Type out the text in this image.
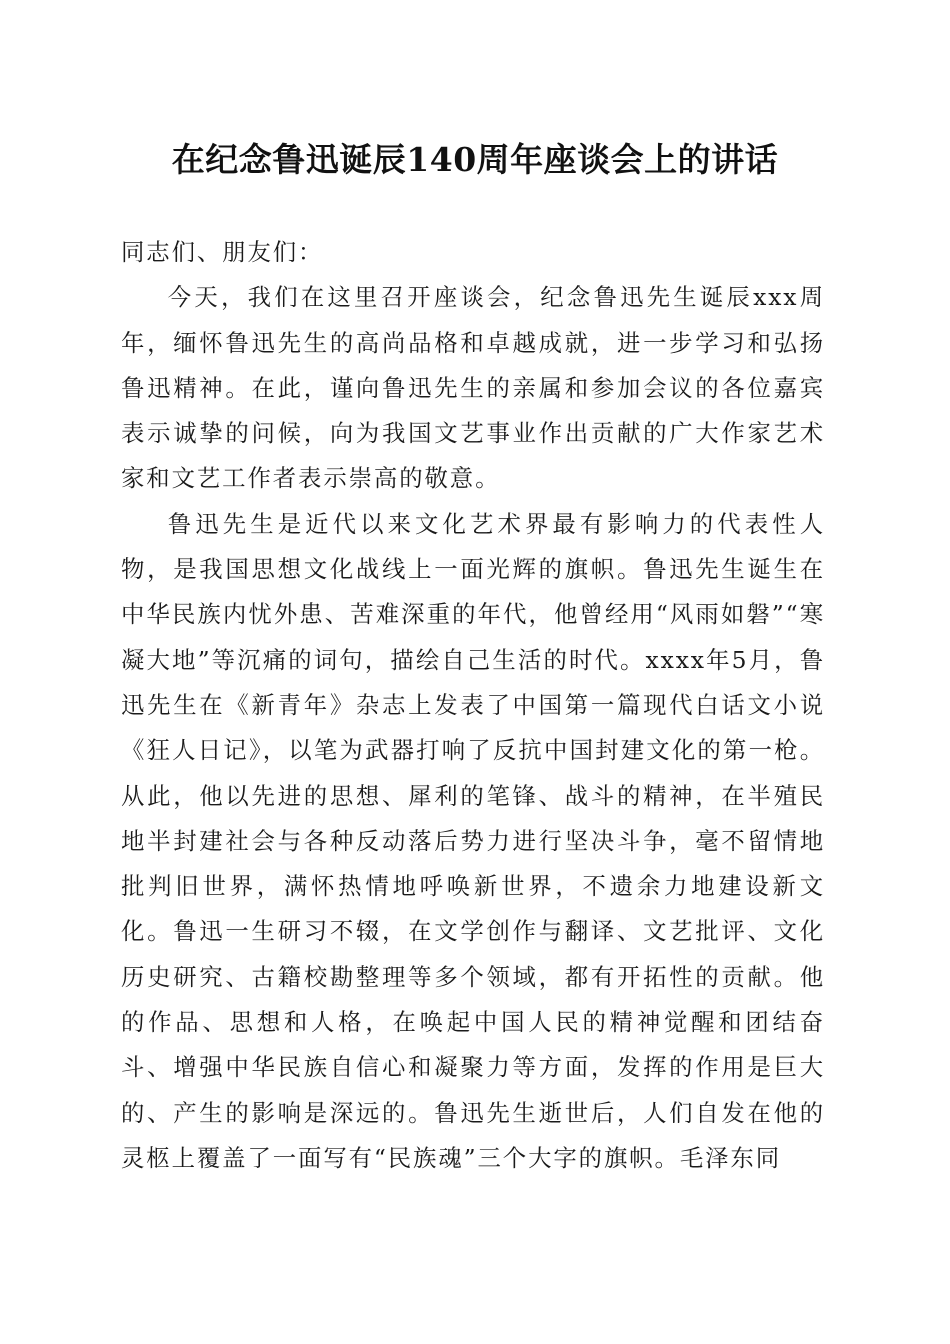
在纪念鲁迅诞辰140周年座谈会上的讲话

同志们、朋友们：

今天，我们在这里召开座谈会，纪念鲁迅先生诞辰xxx周年，缅怀鲁迅先生的高尚品格和卓越成就，进一步学习和弘扬鲁迅精神。在此，谨向鲁迅先生的亲属和参加会议的各位嘉宾表示诚挚的问候，向为我国文艺事业作出贡献的广大作家艺术家和文艺工作者表示崇高的敬意。

鲁迅先生是近代以来文化艺术界最有影响力的代表性人物，是我国思想文化战线上一面光辉的旗帜。鲁迅先生诞生在中华民族内忧外患、苦难深重的年代，他曾经用“风雨如磐”“寒凝大地”等沉痛的词句，描绘自己生活的时代。xxxx年5月，鲁迅先生在《新青年》杂志上发表了中国第一篇现代白话文小说《狂人日记》，以笔为武器打响了反抗中国封建文化的第一枪。从此，他以先进的思想、犀利的笔锋、战斗的精神，在半殖民地半封建社会与各种反动落后势力进行坚决斗争，毫不留情地批判旧世界，满怀热情地呼唤新世界，不遗余力地建设新文化。鲁迅一生研习不辍，在文学创作与翻译、文艺批评、文化历史研究、古籍校勘整理等多个领域，都有开拓性的贡献。他的作品、思想和人格，在唤起中国人民的精神觉醒和团结奋斗、增强中华民族自信心和凝聚力等方面，发挥的作用是巨大的、产生的影响是深远的。鲁迅先生逝世后，人们自发在他的灵柩上覆盖了一面写有“民族魂”三个大字的旗帜。毛泽东同
